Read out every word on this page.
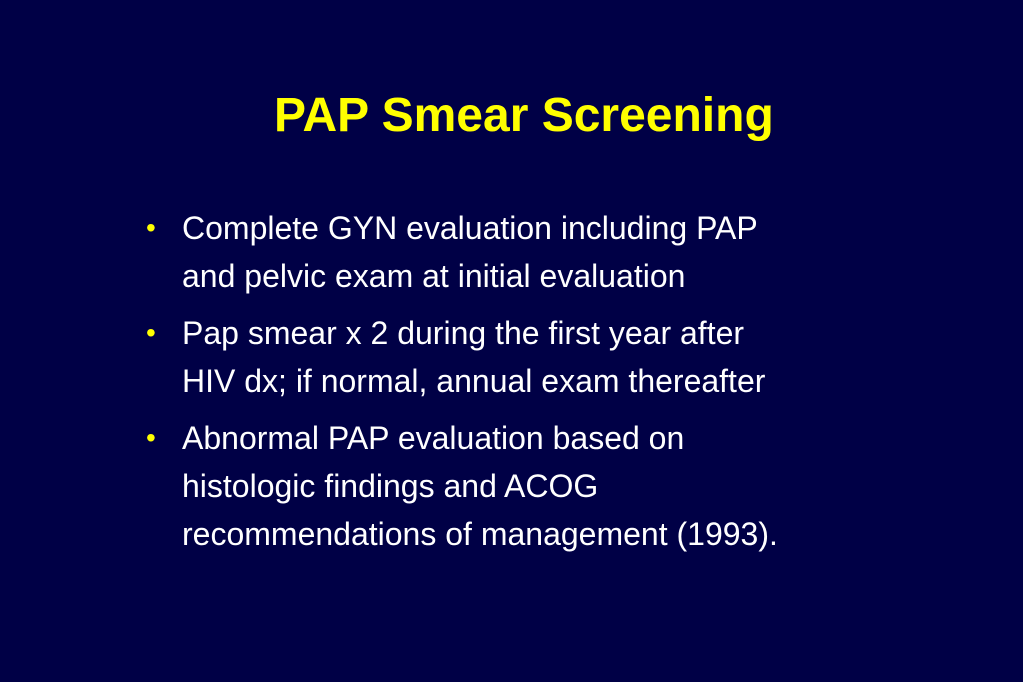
PAP Smear Screening
• Complete GYN evaluation including PAP
and pelvic exam at initial evaluation
• Pap smear x 2 during the first year after
HIV dx; if normal, annual exam thereafter
• Abnormal PAP evaluation based on
histologic findings and ACOG
recommendations of management (1993).
